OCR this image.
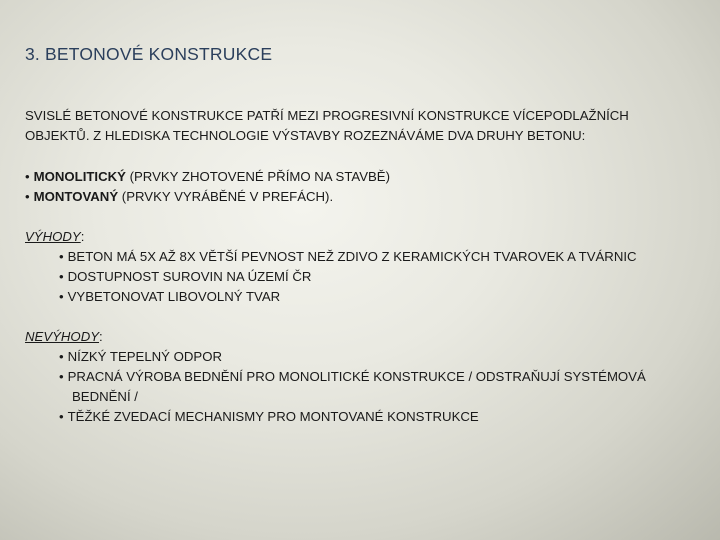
3. BETONOVÉ KONSTRUKCE
SVISLÉ BETONOVÉ KONSTRUKCE PATŘÍ MEZI PROGRESIVNÍ KONSTRUKCE VÍCEPODLAŽNÍCH
OBJEKTŮ. Z HLEDISKA TECHNOLOGIE VÝSTAVBY ROZEZNÁVÁME DVA DRUHY BETONU:
• MONOLITICKÝ (PRVKY ZHOTOVENÉ PŘÍMO NA STAVBĚ)
• MONTOVANÝ (PRVKY VYRÁBĚNÉ V PREFÁCH).
VÝHODY:
• BETON MÁ 5X AŽ 8X VĚTŠÍ PEVNOST NEŽ ZDIVO Z KERAMICKÝCH TVAROVEK A TVÁRNIC
• DOSTUPNOST SUROVIN NA ÚZEMÍ ČR
• VYBETONOVAT LIBOVOLNÝ TVAR
NEVÝHODY:
• NÍZKÝ TEPELNÝ ODPOR
• PRACNÁ VÝROBA BEDNĚNÍ PRO MONOLITICKÉ KONSTRUKCE / ODSTRAŇUJÍ SYSTÉMOVÁ
BEDNĚNÍ /
• TĚŽKÉ ZVEDACÍ MECHANISMY PRO MONTOVANÉ KONSTRUKCE
